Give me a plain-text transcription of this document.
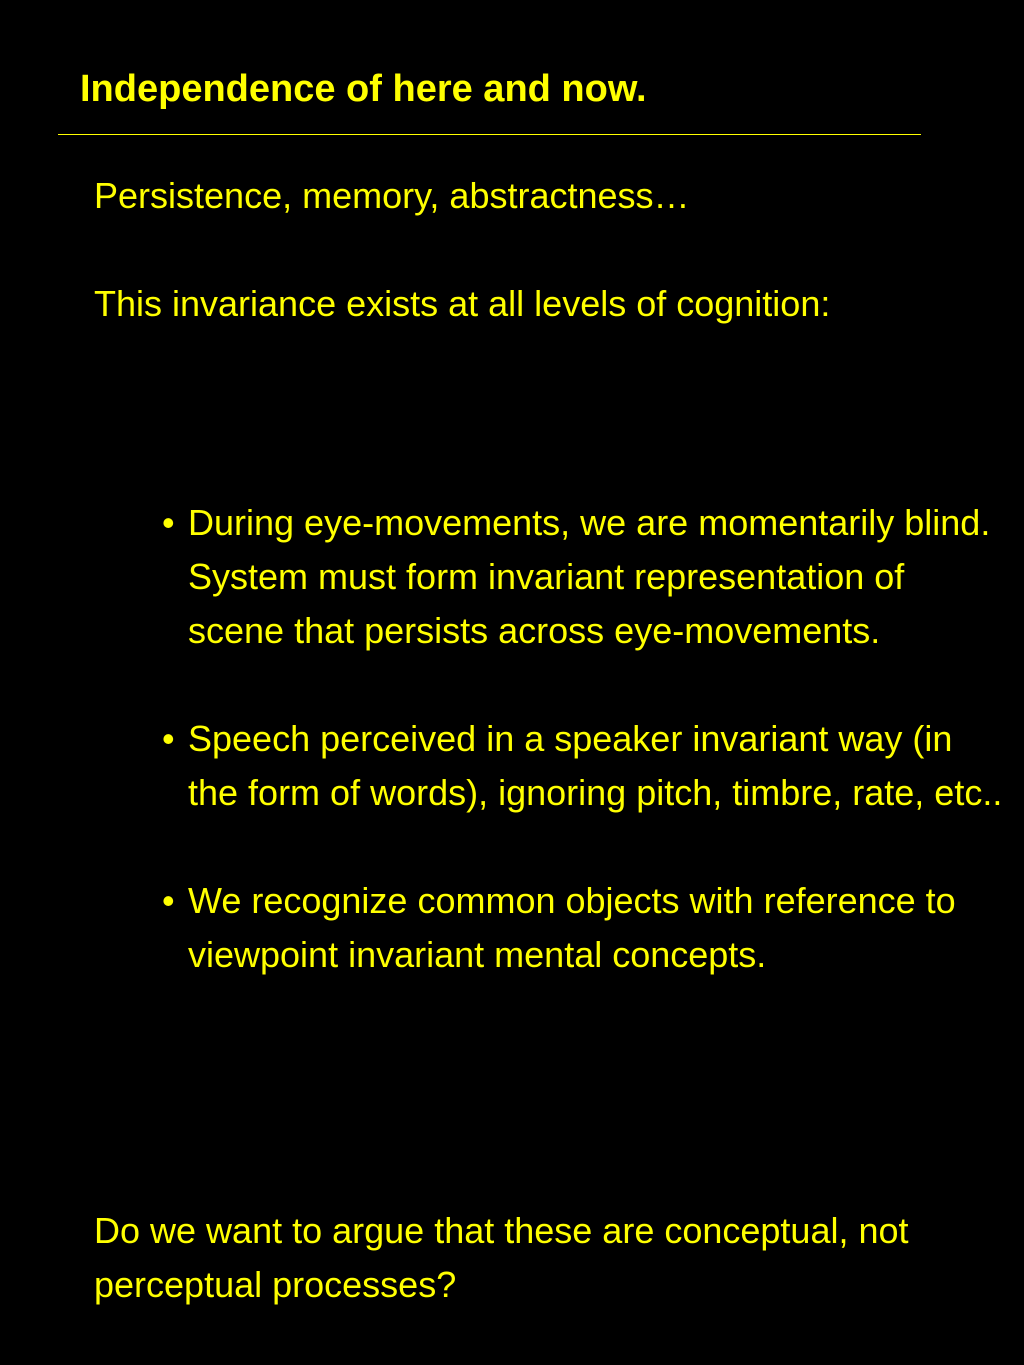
Independence of here and now.

Persistence, memory, abstractness…

This invariance exists at all levels of cognition:

• During eye-movements, we are momentarily blind. System must form invariant representation of scene that persists across eye-movements.
• Speech perceived in a speaker invariant way (in the form of words), ignoring pitch, timbre, rate, etc..
• We recognize common objects with reference to viewpoint invariant mental concepts.

Do we want to argue that these are conceptual, not perceptual processes?
